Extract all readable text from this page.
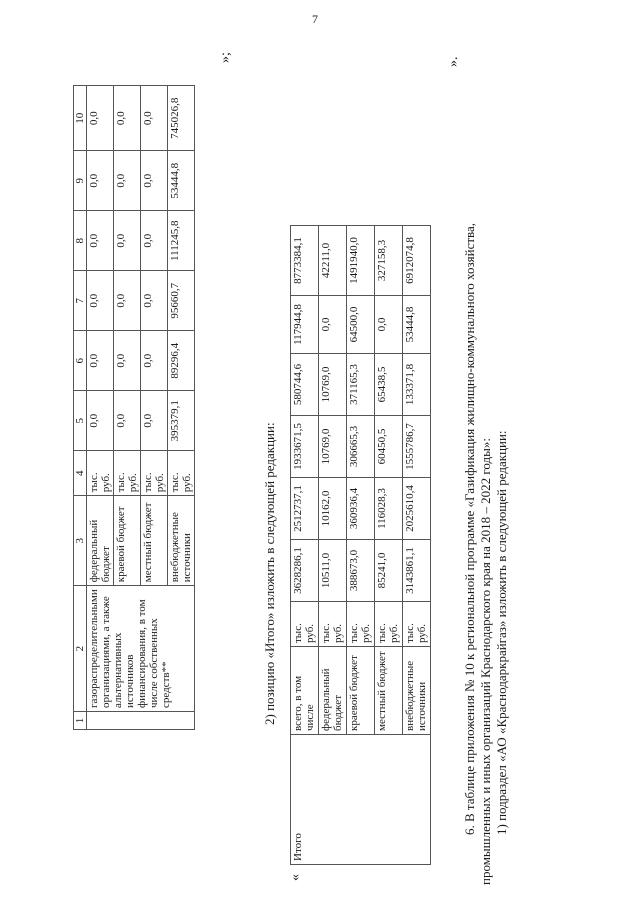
7
1	2	3	4	5	6	7	8	9	10
	газораспределительными организациями, а также альтернативных источников финансирования, в том числе собственных средств**	федеральный бюджет	тыс. руб.	0,0	0,0	0,0	0,0	0,0	0,0
		краевой бюджет	тыс. руб.	0,0	0,0	0,0	0,0	0,0	0,0
		местный бюджет	тыс. руб.	0,0	0,0	0,0	0,0	0,0	0,0
		внебюджетные источники	тыс. руб.	395379,1	89296,4	95660,7	111245,8	53444,8	745026,8
»;
2) позицию «Итого» изложить в следующей редакции:
«
Итого	всего, в том числе	тыс. руб.	3628286,1	2512737,1	1933671,5	580744,6	117944,8	8773384,1
	федеральный бюджет	тыс. руб.	10511,0	10162,0	10769,0	10769,0	0,0	42211,0
	краевой бюджет	тыс. руб.	388673,0	360936,4	306665,3	371165,3	64500,0	1491940,0
	местный бюджет	тыс. руб.	85241,0	116028,3	60450,5	65438,5	0,0	327158,3
	внебюджетные источники	тыс. руб.	3143861,1	2025610,4	1555786,7	133371,8	53444,8	6912074,8
».
6. В таблице приложения № 10 к региональной программе «Газификация жилищно-коммунального хозяйства, промышленных и иных организаций Краснодарского края на 2018 – 2022 годы»: 1) подраздел «АО «Краснодаркрайгаз» изложить в следующей редакции:
